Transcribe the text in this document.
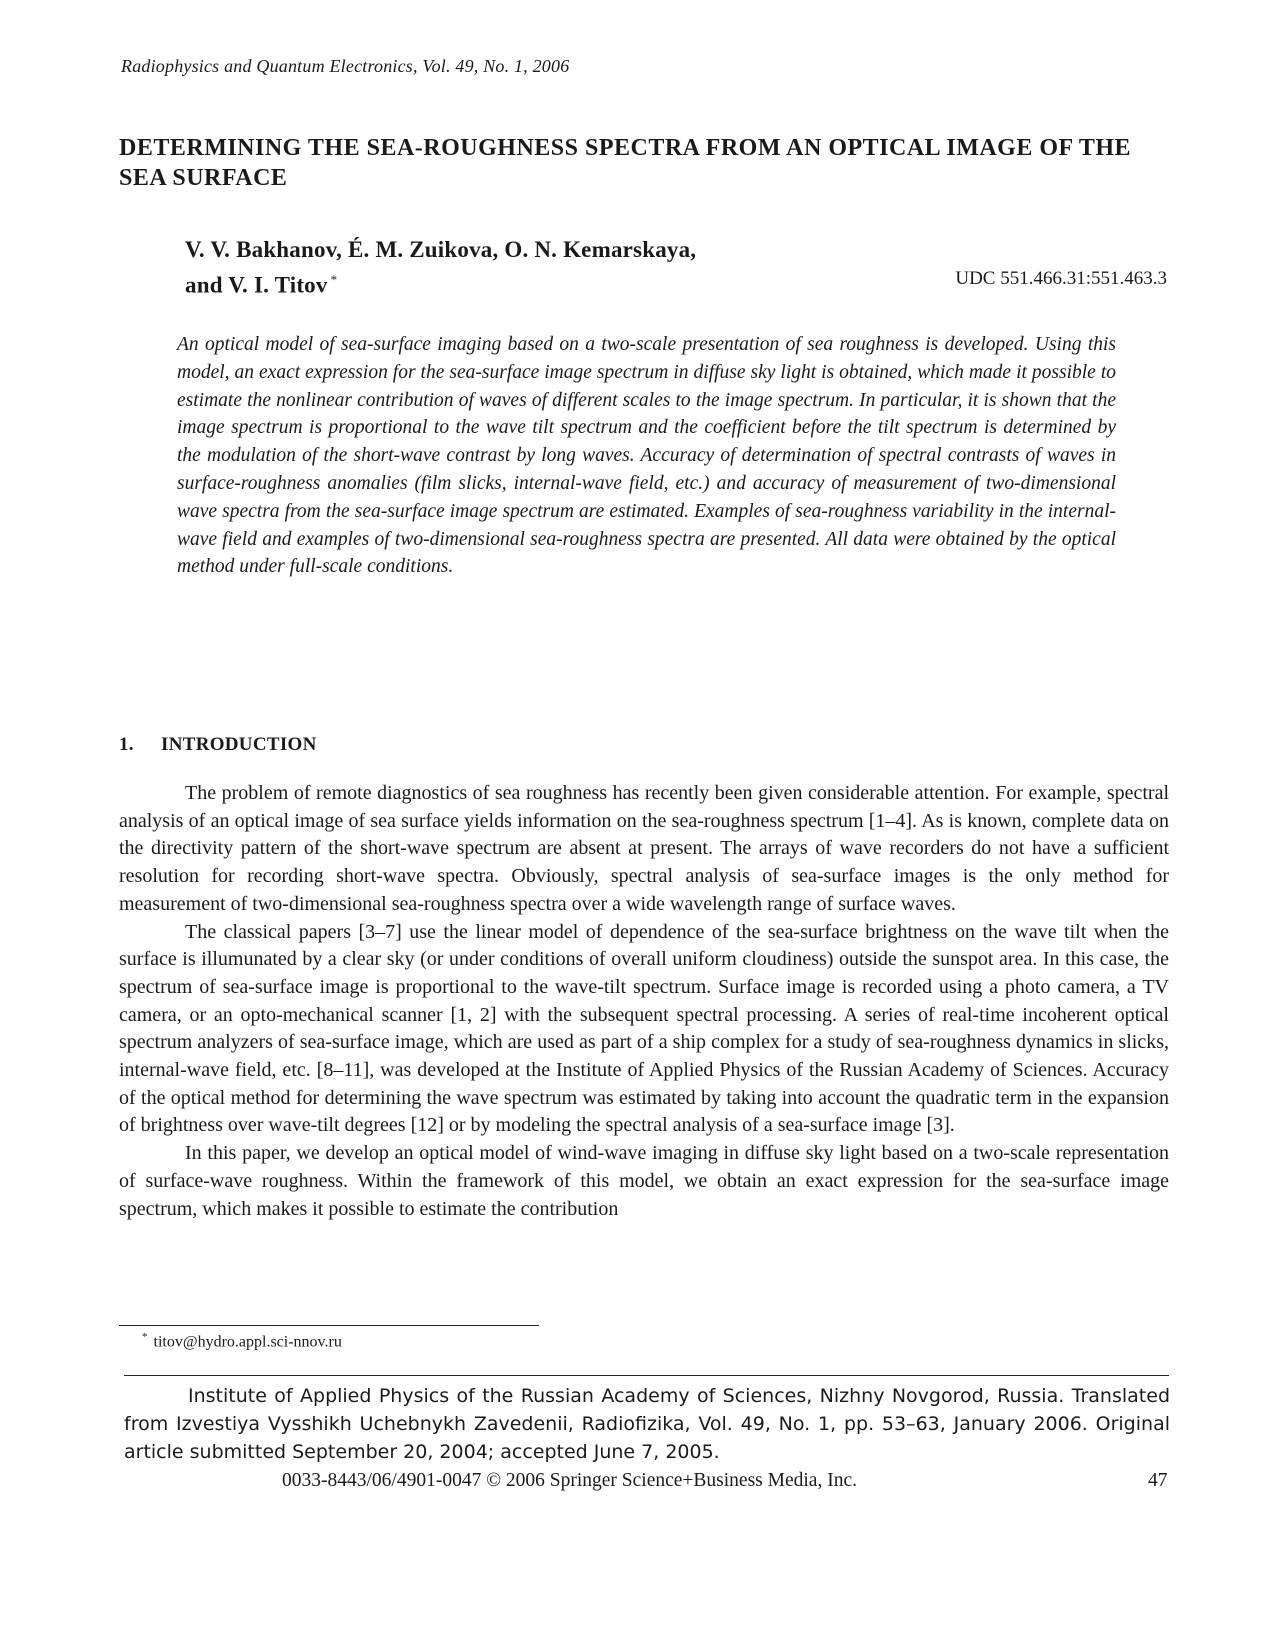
Radiophysics and Quantum Electronics, Vol. 49, No. 1, 2006
DETERMINING THE SEA-ROUGHNESS SPECTRA FROM AN OPTICAL IMAGE OF THE SEA SURFACE
V. V. Bakhanov, É. M. Zuikova, O. N. Kemarskaya,
and V. I. Titov *	UDC 551.466.31:551.463.3

An optical model of sea-surface imaging based on a two-scale presentation of sea roughness is developed. Using this model, an exact expression for the sea-surface image spectrum in diffuse sky light is obtained, which made it possible to estimate the nonlinear contribution of waves of different scales to the image spectrum. In particular, it is shown that the image spectrum is proportional to the wave tilt spectrum and the coefficient before the tilt spectrum is determined by the modulation of the short-wave contrast by long waves. Accuracy of determination of spectral contrasts of waves in surface-roughness anomalies (film slicks, internal-wave field, etc.) and accuracy of measurement of two-dimensional wave spectra from the sea-surface image spectrum are estimated. Examples of sea-roughness variability in the internal-wave field and examples of two-dimensional sea-roughness spectra are presented. All data were obtained by the optical method under full-scale conditions.

1. INTRODUCTION

The problem of remote diagnostics of sea roughness has recently been given considerable attention. For example, spectral analysis of an optical image of sea surface yields information on the sea-roughness spectrum [1–4]. As is known, complete data on the directivity pattern of the short-wave spectrum are absent at present. The arrays of wave recorders do not have a sufficient resolution for recording short-wave spectra. Obviously, spectral analysis of sea-surface images is the only method for measurement of two-dimensional sea-roughness spectra over a wide wavelength range of surface waves.

The classical papers [3–7] use the linear model of dependence of the sea-surface brightness on the wave tilt when the surface is illumunated by a clear sky (or under conditions of overall uniform cloudiness) outside the sunspot area. In this case, the spectrum of sea-surface image is proportional to the wave-tilt spectrum. Surface image is recorded using a photo camera, a TV camera, or an opto-mechanical scanner [1, 2] with the subsequent spectral processing. A series of real-time incoherent optical spectrum analyzers of sea-surface image, which are used as part of a ship complex for a study of sea-roughness dynamics in slicks, internal-wave field, etc. [8–11], was developed at the Institute of Applied Physics of the Russian Academy of Sciences. Accuracy of the optical method for determining the wave spectrum was estimated by taking into account the quadratic term in the expansion of brightness over wave-tilt degrees [12] or by modeling the spectral analysis of a sea-surface image [3].

In this paper, we develop an optical model of wind-wave imaging in diffuse sky light based on a two-scale representation of surface-wave roughness. Within the framework of this model, we obtain an exact expression for the sea-surface image spectrum, which makes it possible to estimate the contribution

* titov@hydro.appl.sci-nnov.ru

Institute of Applied Physics of the Russian Academy of Sciences, Nizhny Novgorod, Russia. Translated from Izvestiya Vysshikh Uchebnykh Zavedenii, Radiofizika, Vol. 49, No. 1, pp. 53–63, January 2006. Original article submitted September 20, 2004; accepted June 7, 2005.

0033-8443/06/4901-0047 © 2006 Springer Science+Business Media, Inc.	47
